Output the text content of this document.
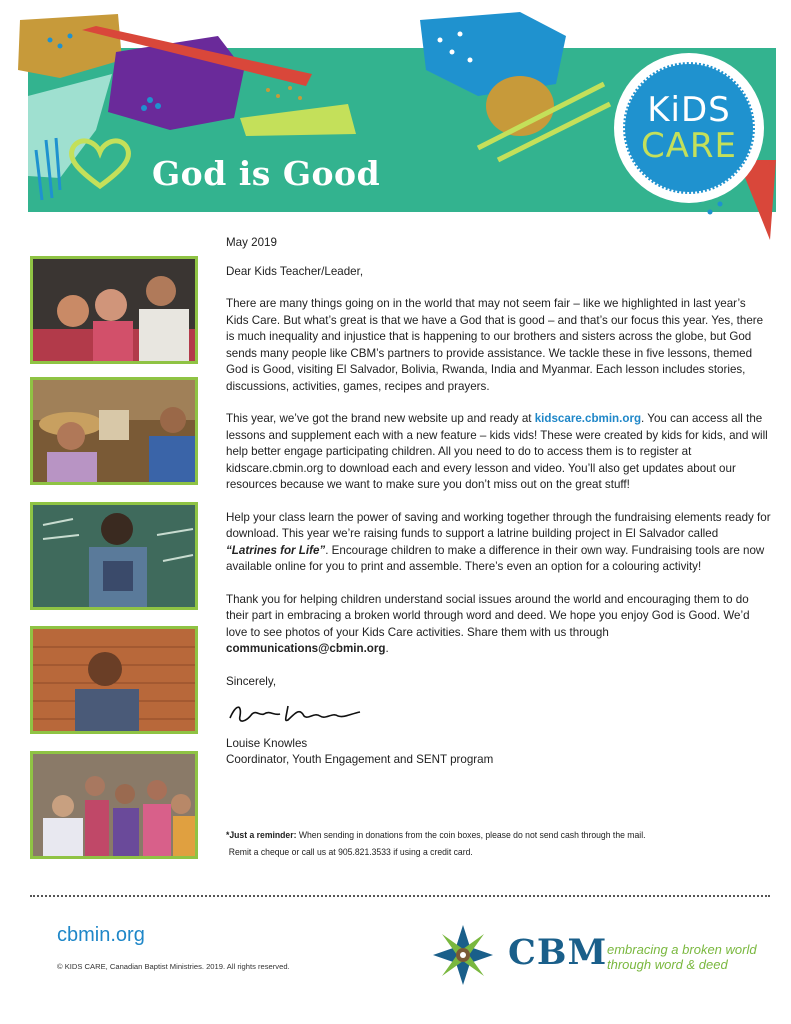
God is Good
KiDS
CARE

May 2019

Dear Kids Teacher/Leader,

There are many things going on in the world that may not seem fair – like we highlighted in last year’s Kids Care. But what’s great is that we have a God that is good – and that’s our focus this year. Yes, there is much inequality and injustice that is happening to our brothers and sisters across the globe, but God sends many people like CBM’s partners to provide assistance. We tackle these in five lessons, themed God is Good, visiting El Salvador, Bolivia, Rwanda, India and Myanmar. Each lesson includes stories, discussions, activities, games, recipes and prayers.

This year, we’ve got the brand new website up and ready at kidscare.cbmin.org. You can access all the lessons and supplement each with a new feature – kids vids! These were created by kids for kids, and will help better engage participating children. All you need to do to access them is to register at kidscare.cbmin.org to download each and every lesson and video. You’ll also get updates about our resources because we want to make sure you don’t miss out on the great stuff!

Help your class learn the power of saving and working together through the fundraising elements ready for download. This year we’re raising funds to support a latrine building project in El Salvador called “Latrines for Life”. Encourage children to make a difference in their own way. Fundraising tools are now available online for you to print and assemble. There’s even an option for a colouring activity!

Thank you for helping children understand social issues around the world and encouraging them to do their part in embracing a broken world through word and deed. We hope you enjoy God is Good. We’d love to see photos of your Kids Care activities. Share them with us through communications@cbmin.org.

Sincerely,

Louise Knowles
Coordinator, Youth Engagement and SENT program
*Just a reminder: When sending in donations from the coin boxes, please do not send cash through the mail.
Remit a cheque or call us at 905.821.3533 if using a credit card.
cbmin.org
© KIDS CARE, Canadian Baptist Ministries. 2019. All rights reserved.	CBM embracing a broken world
through word & deed
